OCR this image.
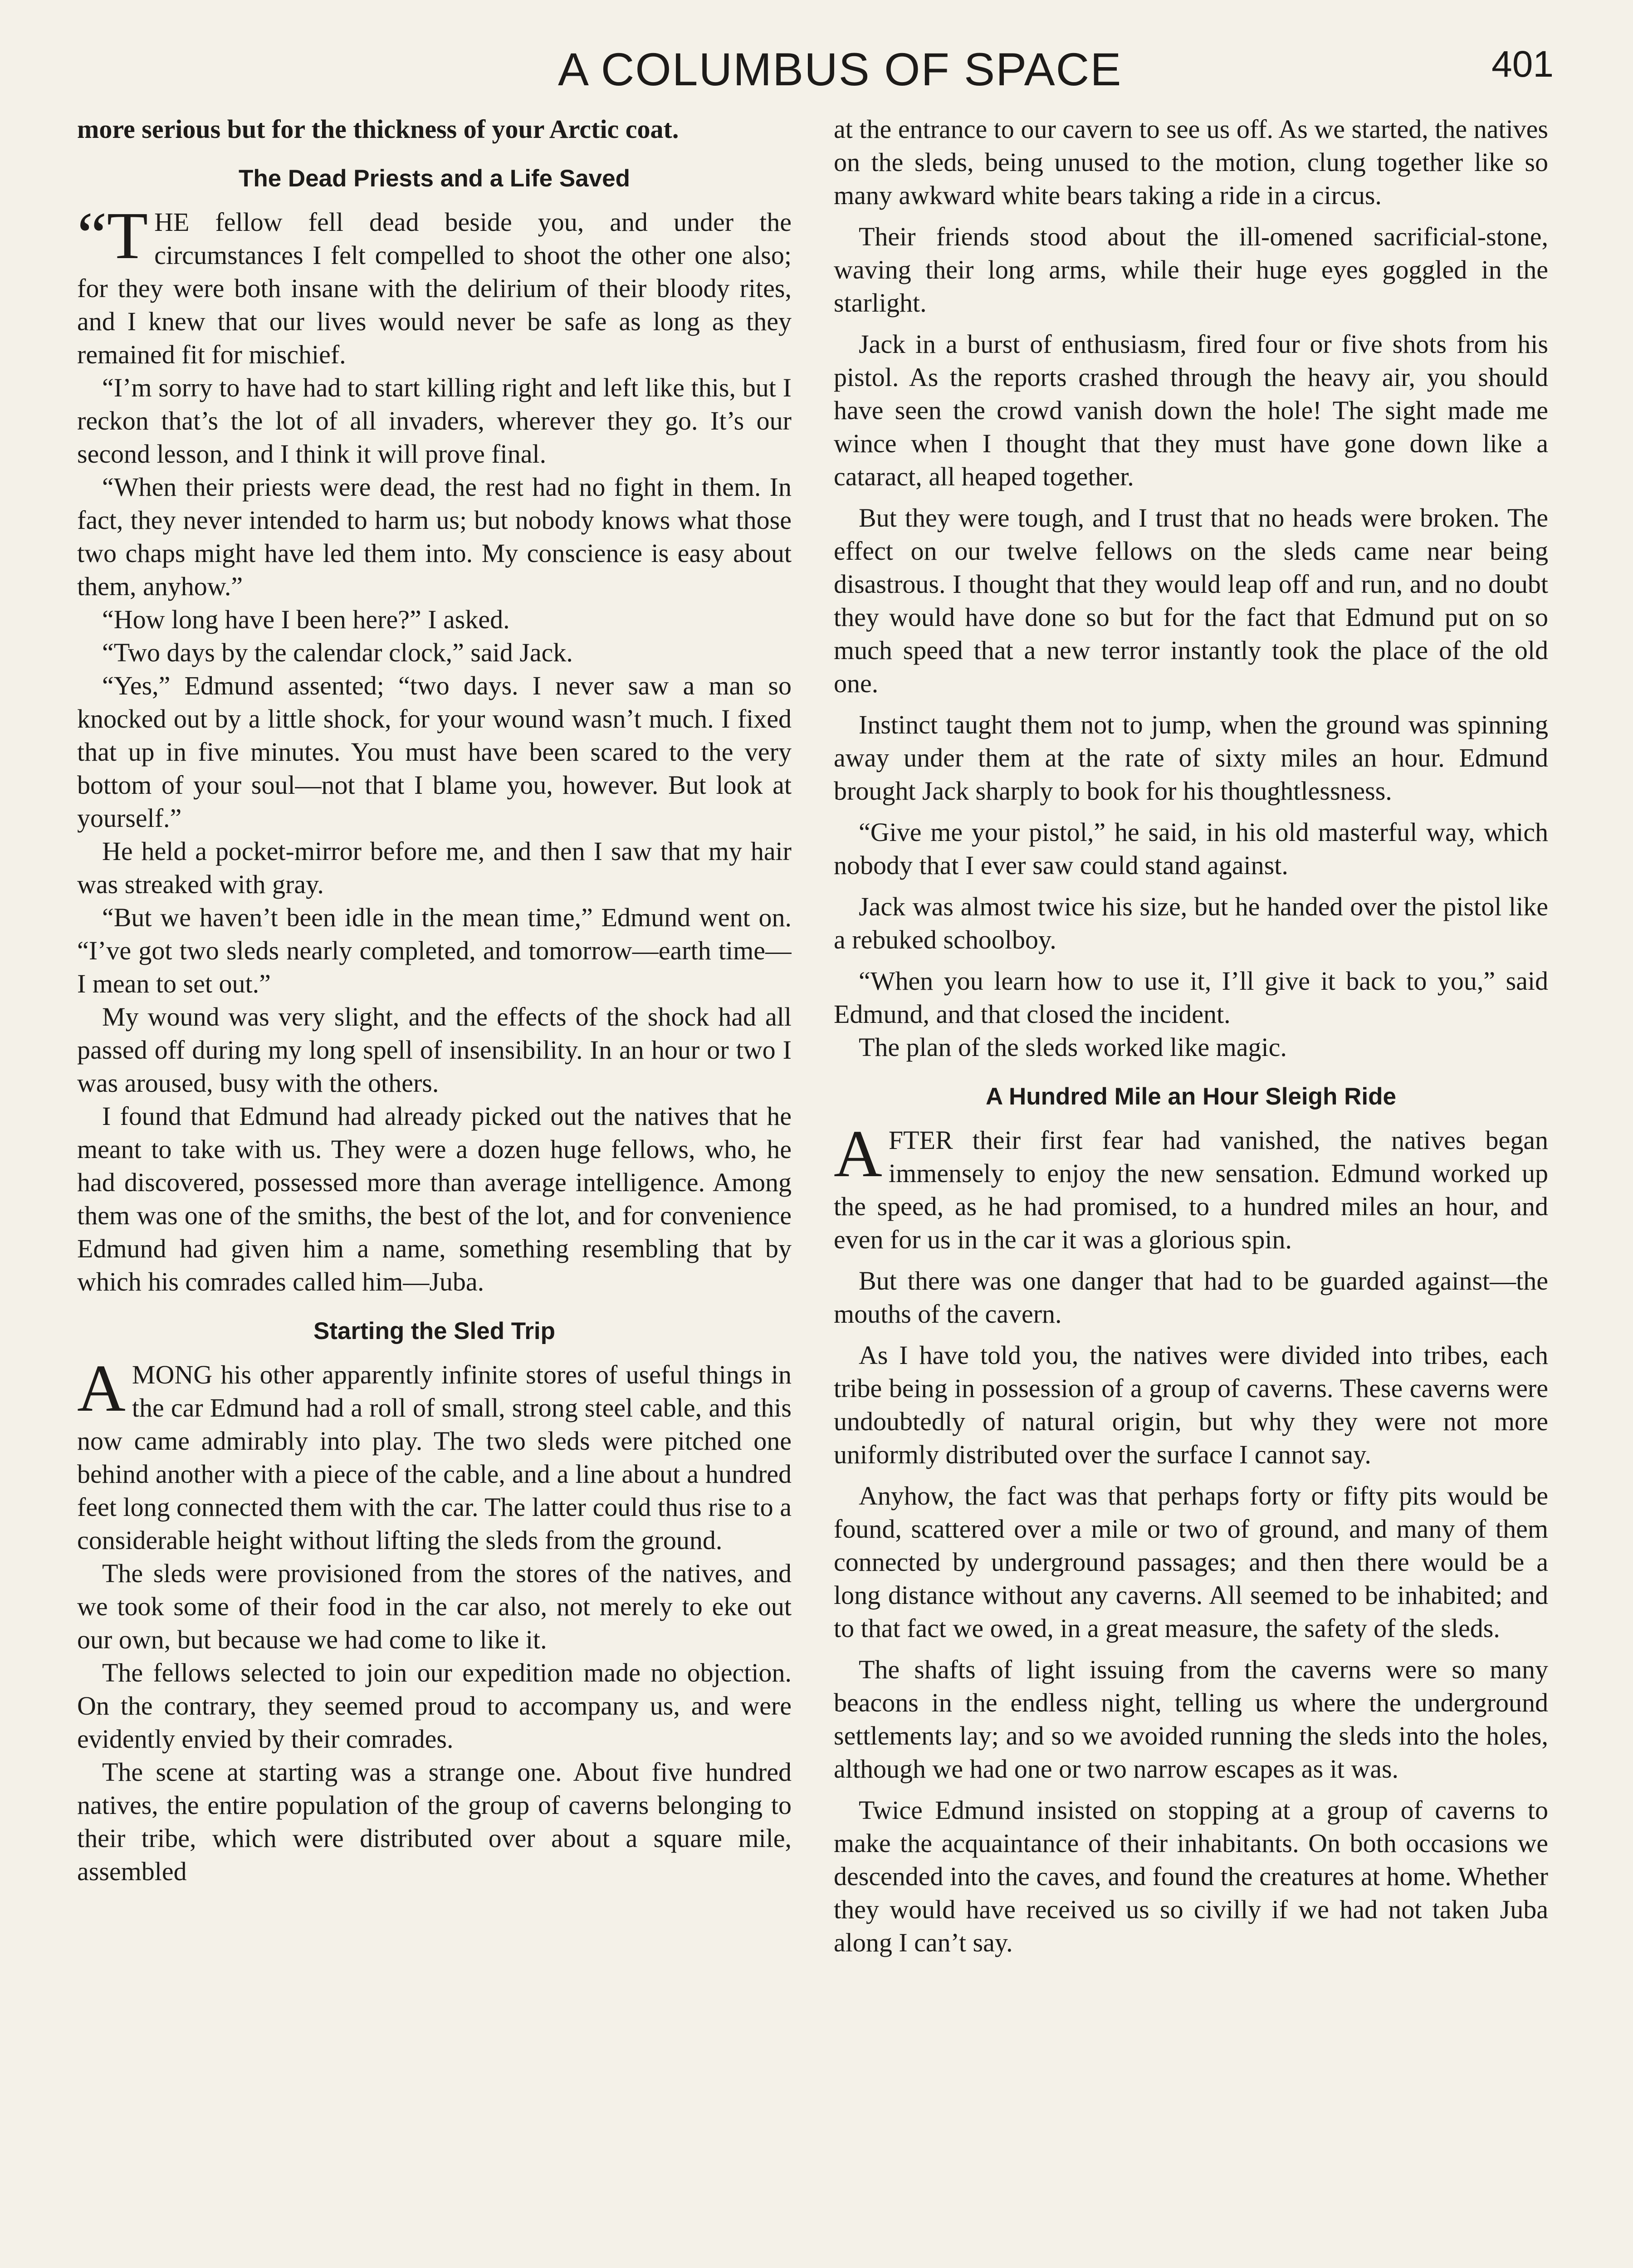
A COLUMBUS OF SPACE	401

more serious but for the thickness of your Arctic coat.

The Dead Priests and a Life Saved

“THE fellow fell dead beside you, and under the circumstances I felt compelled to shoot the other one also; for they were both insane with the delirium of their bloody rites, and I knew that our lives would never be safe as long as they remained fit for mischief.

“I’m sorry to have had to start killing right and left like this, but I reckon that’s the lot of all invaders, wherever they go. It’s our second lesson, and I think it will prove final.

“When their priests were dead, the rest had no fight in them. In fact, they never intended to harm us; but nobody knows what those two chaps might have led them into. My conscience is easy about them, anyhow.”

“How long have I been here?” I asked.

“Two days by the calendar clock,” said Jack.

“Yes,” Edmund assented; “two days. I never saw a man so knocked out by a little shock, for your wound wasn’t much. I fixed that up in five minutes. You must have been scared to the very bottom of your soul—not that I blame you, however. But look at yourself.”

He held a pocket-mirror before me, and then I saw that my hair was streaked with gray.

“But we haven’t been idle in the mean time,” Edmund went on. “I’ve got two sleds nearly completed, and tomorrow—earth time—I mean to set out.”

My wound was very slight, and the effects of the shock had all passed off during my long spell of insensibility. In an hour or two I was aroused, busy with the others.

I found that Edmund had already picked out the natives that he meant to take with us. They were a dozen huge fellows, who, he had discovered, possessed more than average intelligence. Among them was one of the smiths, the best of the lot, and for convenience Edmund had given him a name, something resembling that by which his comrades called him—Juba.

Starting the Sled Trip

AMONG his other apparently infinite stores of useful things in the car Edmund had a roll of small, strong steel cable, and this now came admirably into play. The two sleds were pitched one behind another with a piece of the cable, and a line about a hundred feet long connected them with the car. The latter could thus rise to a considerable height without lifting the sleds from the ground.

The sleds were provisioned from the stores of the natives, and we took some of their food in the car also, not merely to eke out our own, but because we had come to like it.

The fellows selected to join our expedition made no objection. On the contrary, they seemed proud to accompany us, and were evidently envied by their comrades.

The scene at starting was a strange one. About five hundred natives, the entire population of the group of caverns belonging to their tribe, which were distributed over about a square mile, assembled

at the entrance to our cavern to see us off. As we started, the natives on the sleds, being unused to the motion, clung together like so many awkward white bears taking a ride in a circus.

Their friends stood about the ill-omened sacrificial-stone, waving their long arms, while their huge eyes goggled in the starlight.

Jack in a burst of enthusiasm, fired four or five shots from his pistol. As the reports crashed through the heavy air, you should have seen the crowd vanish down the hole! The sight made me wince when I thought that they must have gone down like a cataract, all heaped together.

But they were tough, and I trust that no heads were broken. The effect on our twelve fellows on the sleds came near being disastrous. I thought that they would leap off and run, and no doubt they would have done so but for the fact that Edmund put on so much speed that a new terror instantly took the place of the old one.

Instinct taught them not to jump, when the ground was spinning away under them at the rate of sixty miles an hour. Edmund brought Jack sharply to book for his thoughtlessness.

“Give me your pistol,” he said, in his old masterful way, which nobody that I ever saw could stand against.

Jack was almost twice his size, but he handed over the pistol like a rebuked schoolboy.

“When you learn how to use it, I’ll give it back to you,” said Edmund, and that closed the incident.

The plan of the sleds worked like magic.

A Hundred Mile an Hour Sleigh Ride

AFTER their first fear had vanished, the natives began immensely to enjoy the new sensation. Edmund worked up the speed, as he had promised, to a hundred miles an hour, and even for us in the car it was a glorious spin.

But there was one danger that had to be guarded against—the mouths of the cavern.

As I have told you, the natives were divided into tribes, each tribe being in possession of a group of caverns. These caverns were undoubtedly of natural origin, but why they were not more uniformly distributed over the surface I cannot say.

Anyhow, the fact was that perhaps forty or fifty pits would be found, scattered over a mile or two of ground, and many of them connected by underground passages; and then there would be a long distance without any caverns. All seemed to be inhabited; and to that fact we owed, in a great measure, the safety of the sleds.

The shafts of light issuing from the caverns were so many beacons in the endless night, telling us where the underground settlements lay; and so we avoided running the sleds into the holes, although we had one or two narrow escapes as it was.

Twice Edmund insisted on stopping at a group of caverns to make the acquaintance of their inhabitants. On both occasions we descended into the caves, and found the creatures at home. Whether they would have received us so civilly if we had not taken Juba along I can’t say.
